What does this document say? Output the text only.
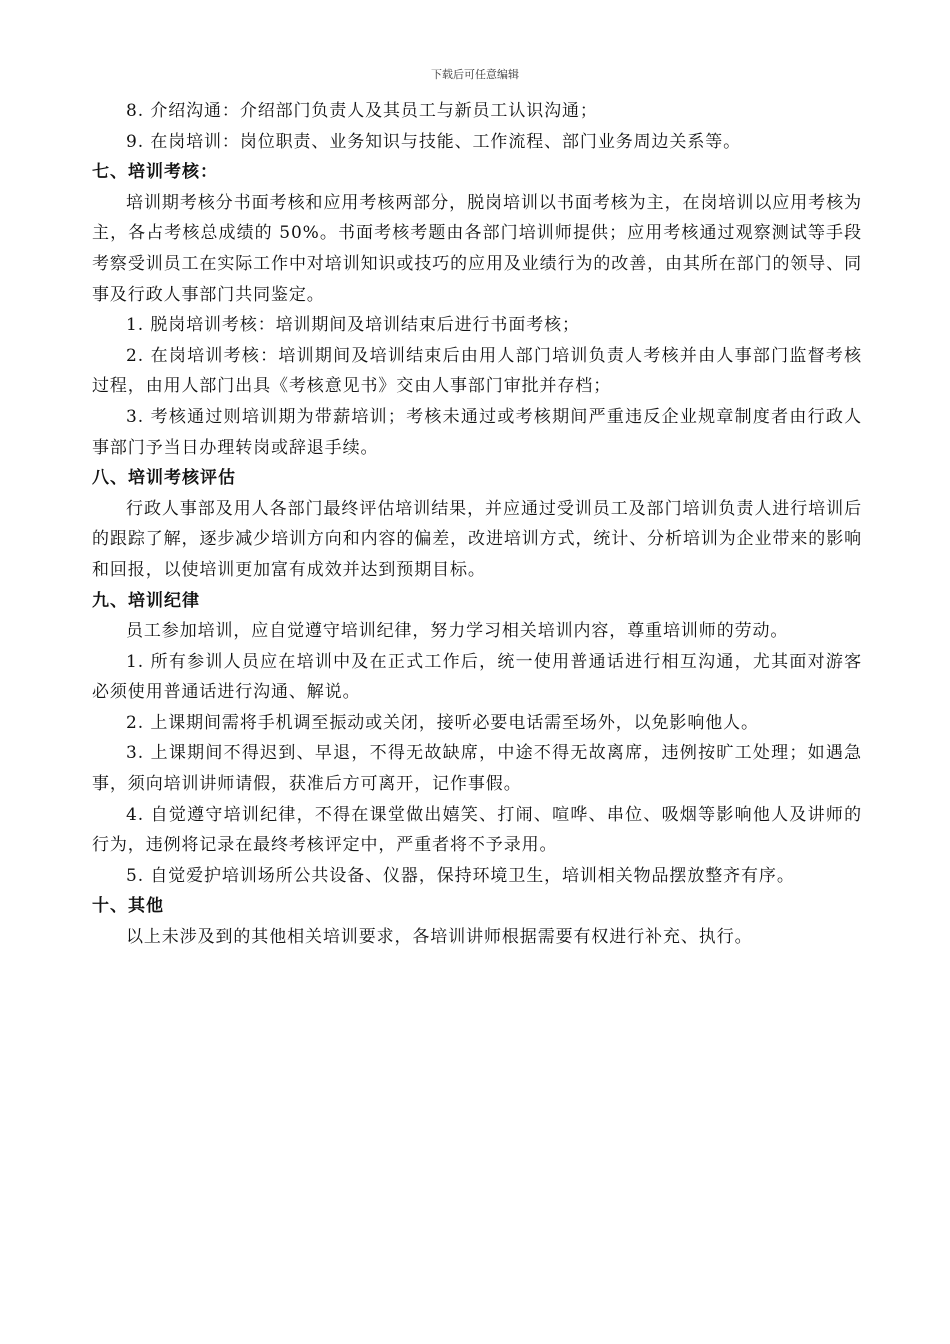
下载后可任意编辑

8. 介绍沟通：介绍部门负责人及其员工与新员工认识沟通；

9. 在岗培训：岗位职责、业务知识与技能、工作流程、部门业务周边关系等。

七、培训考核：

培训期考核分书面考核和应用考核两部分，脱岗培训以书面考核为主，在岗培训以应用考核为主，各占考核总成绩的 50%。书面考核考题由各部门培训师提供；应用考核通过观察测试等手段考察受训员工在实际工作中对培训知识或技巧的应用及业绩行为的改善，由其所在部门的领导、同事及行政人事部门共同鉴定。

1. 脱岗培训考核：培训期间及培训结束后进行书面考核；

2. 在岗培训考核：培训期间及培训结束后由用人部门培训负责人考核并由人事部门监督考核过程，由用人部门出具《考核意见书》交由人事部门审批并存档；

3. 考核通过则培训期为带薪培训；考核未通过或考核期间严重违反企业规章制度者由行政人事部门予当日办理转岗或辞退手续。

八、培训考核评估

行政人事部及用人各部门最终评估培训结果，并应通过受训员工及部门培训负责人进行培训后的跟踪了解，逐步减少培训方向和内容的偏差，改进培训方式，统计、分析培训为企业带来的影响和回报，以使培训更加富有成效并达到预期目标。

九、培训纪律

员工参加培训，应自觉遵守培训纪律，努力学习相关培训内容，尊重培训师的劳动。

1. 所有参训人员应在培训中及在正式工作后，统一使用普通话进行相互沟通，尤其面对游客必须使用普通话进行沟通、解说。

2. 上课期间需将手机调至振动或关闭，接听必要电话需至场外，以免影响他人。

3. 上课期间不得迟到、早退，不得无故缺席，中途不得无故离席，违例按旷工处理；如遇急事，须向培训讲师请假，获准后方可离开，记作事假。

4. 自觉遵守培训纪律，不得在课堂做出嬉笑、打闹、喧哗、串位、吸烟等影响他人及讲师的行为，违例将记录在最终考核评定中，严重者将不予录用。

5. 自觉爱护培训场所公共设备、仪器，保持环境卫生，培训相关物品摆放整齐有序。

十、其他

以上未涉及到的其他相关培训要求，各培训讲师根据需要有权进行补充、执行。
